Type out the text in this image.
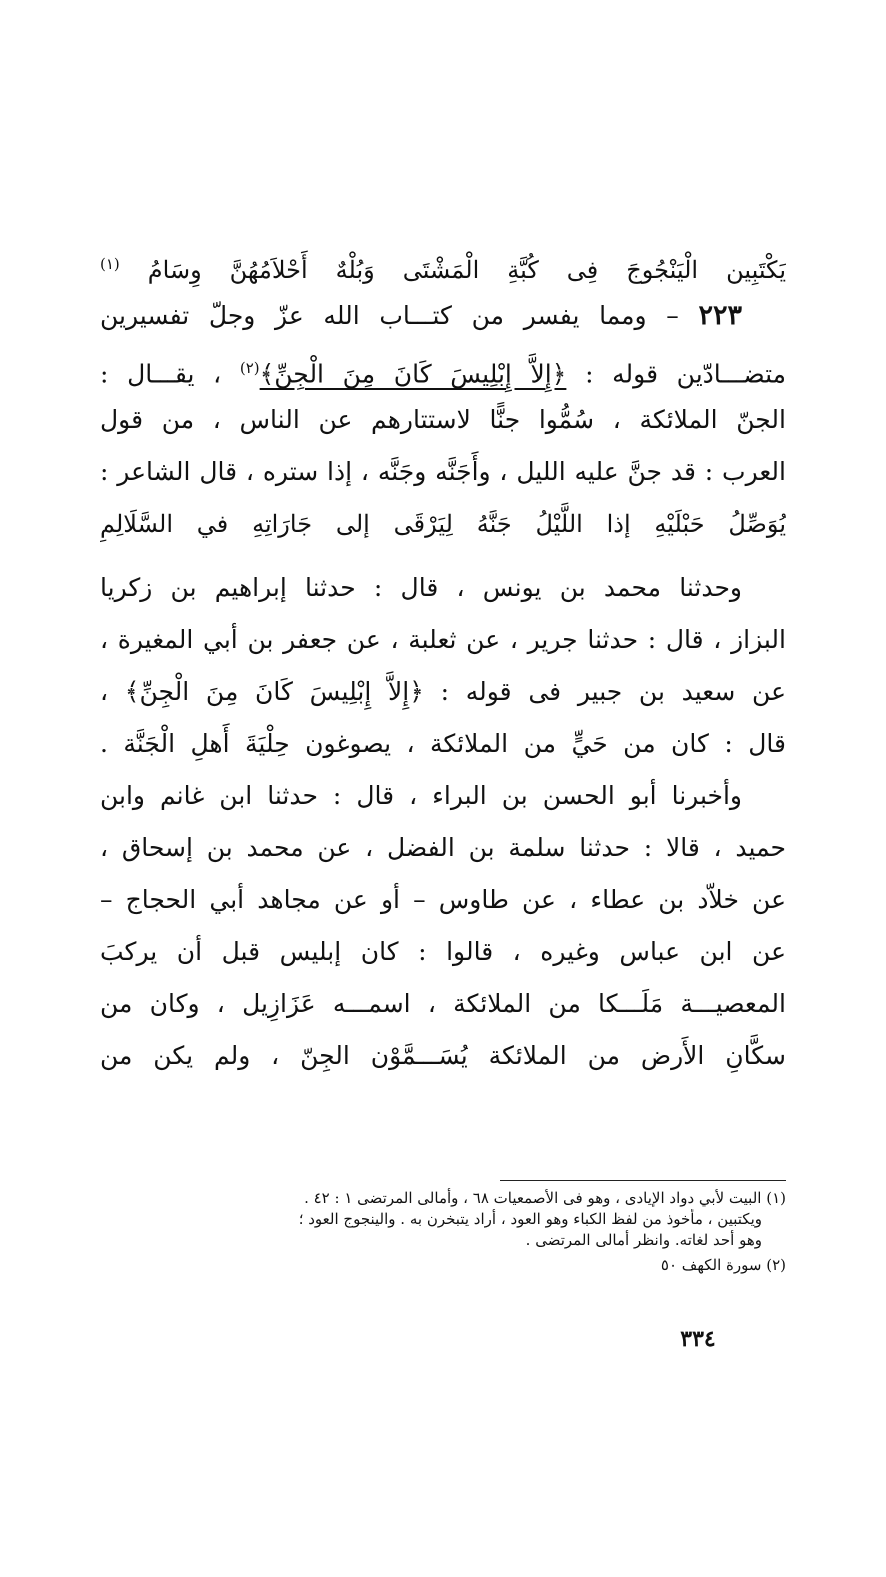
يَكْتَبِين الْيَنْجُوجَ فِى كُبَّةِ الْمَشْتَى وَبُلْهٌ أَحْلاَمُهُنَّ وِسَامُ $^{(١)}$
٢٢٣ – ومما يفسر من كتـــاب الله عزّ وجلّ تفسيرين
متضـــادّين قوله : ﴿إِلاَّ إِبْلِيسَ كَانَ مِنَ الْجِنِّ﴾$^{(٢)}$ ، يقـــال :
الجنّ الملائكة ، سُمُّوا جنًّا لاستتارهم عن الناس ، من قول
العرب : قد جنَّ عليه الليل ، وأَجَنَّه وجَنَّه ، إذا ستره ، قال الشاعر :
يُوَصِّلُ حَبْلَيْهِ إذا اللَّيْلُ جَنَّهُ لِيَرْقَى إلى جَارَاتِهِ في السَّلَالِمِ
وحدثنا محمد بن يونس ، قال : حدثنا إبراهيم بن زكريا
البزاز ، قال : حدثنا جرير ، عن ثعلبة ، عن جعفر بن أبي المغيرة ،
عن سعيد بن جبير فى قوله : ﴿إِلاَّ إِبْلِيسَ كَانَ مِنَ الْجِنِّ﴾ ،
قال : كان من حَيٍّ من الملائكة ، يصوغون حِلْيَةَ أَهلِ الْجَنَّة .
وأخبرنا أبو الحسن بن البراء ، قال : حدثنا ابن غانم وابن
حميد ، قالا : حدثنا سلمة بن الفضل ، عن محمد بن إسحاق ،
عن خلاّد بن عطاء ، عن طاوس – أو عن مجاهد أبي الحجاج –
عن ابن عباس وغيره ، قالوا : كان إبليس قبل أن يركبَ
المعصيـــة مَلَـــكا من الملائكة ، اسمـــه عَزَازِيل ، وكان من
سكَّانِ الأَرض من الملائكة يُسَـــمَّوْن الجِنّ ، ولم يكن من
(١) البيت لأبي دواد الإيادى ، وهو فى الأصمعيات ٦٨ ، وأمالى المرتضى ١ : ٤٢ .
ويكتبين ، مأخوذ من لفظ الكباء وهو العود ، أراد يتبخرن به . والينجوج العود ؛
وهو أحد لغاته. وانظر أمالى المرتضى .
(٢) سورة الكهف ٥٠
٣٣٤
